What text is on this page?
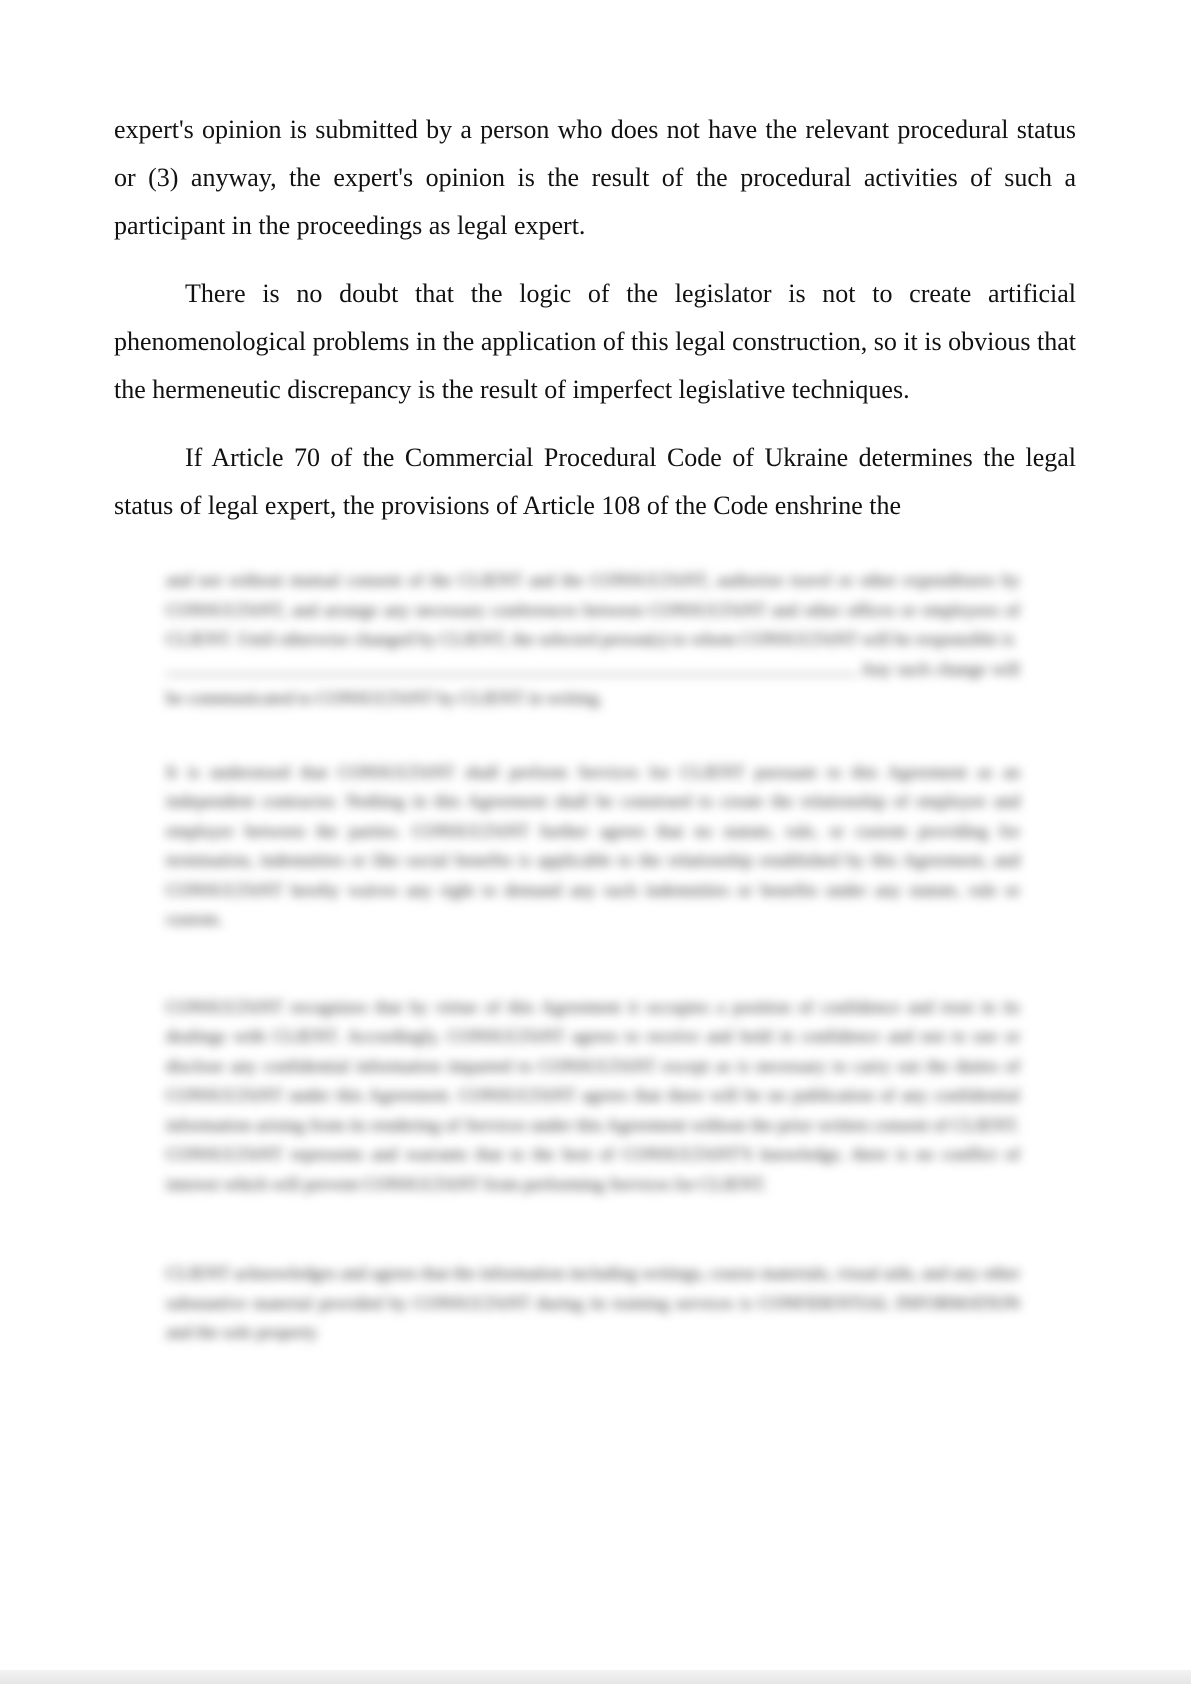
expert's opinion is submitted by a person who does not have the relevant procedural status or (3) anyway, the expert's opinion is the result of the procedural activities of such a participant in the proceedings as legal expert.

There is no doubt that the logic of the legislator is not to create artificial phenomenological problems in the application of this legal construction, so it is obvious that the hermeneutic discrepancy is the result of imperfect legislative techniques.

If Article 70 of the Commercial Procedural Code of Ukraine determines the legal status of legal expert, the provisions of Article 108 of the Code enshrine the

and not without mutual consent of the CLIENT and the CONSULTANT, authorize travel or other expenditures by CONSULTANT, and arrange any necessary conferences between CONSULTANT and other offices or employees of CLIENT. Until otherwise changed by CLIENT, the selected person(s) to whom CONSULTANT will be responsible is
Any such change will be communicated to CONSULTANT by CLIENT in writing.

It is understood that CONSULTANT shall perform Services for CLIENT pursuant to this Agreement as an independent contractor. Nothing in this Agreement shall be construed to create the relationship of employee and employer between the parties. CONSULTANT further agrees that no statute, rule, or custom providing for termination, indemnities or like social benefits is applicable to the relationship established by this Agreement, and CONSULTANT hereby waives any right to demand any such indemnities or benefits under any statute, rule or custom.

CONSULTANT recognizes that by virtue of this Agreement it occupies a position of confidence and trust in its dealings with CLIENT. Accordingly, CONSULTANT agrees to receive and hold in confidence and not to use or disclose any confidential information imparted to CONSULTANT except as is necessary to carry out the duties of CONSULTANT under this Agreement. CONSULTANT agrees that there will be no publication of any confidential information arising from its rendering of Services under this Agreement without the prior written consent of CLIENT. CONSULTANT represents and warrants that to the best of CONSULTANT'S knowledge, there is no conflict of interest which will prevent CONSULTANT from performing Services for CLIENT.

CLIENT acknowledges and agrees that the information including writings, course materials, visual aids, and any other substantive material provided by CONSULTANT during its training services is CONFIDENTIAL INFORMATION and the sole property
